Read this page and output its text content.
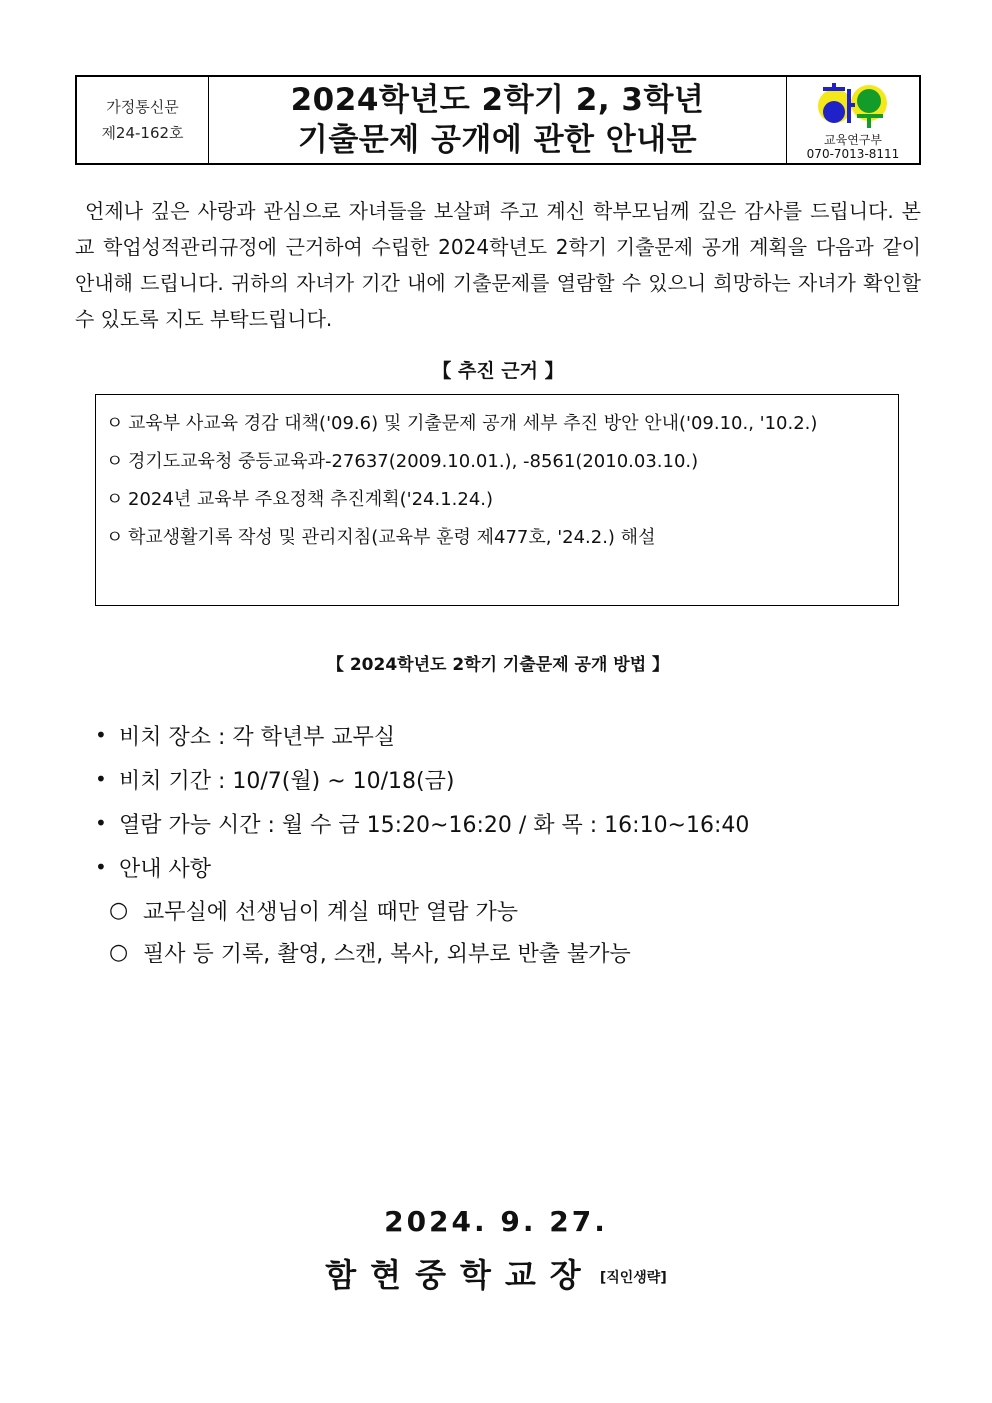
가정통신문
제24-162호
2024학년도 2학기 2, 3학년
기출문제 공개에 관한 안내문	교육연구부
070-7013-8111

언제나 깊은 사랑과 관심으로 자녀들을 보살펴 주고 계신 학부모님께 깊은 감사를 드립니다. 본교 학업성적관리규정에 근거하여 수립한 2024학년도 2학기 기출문제 공개 계획을 다음과 같이 안내해 드립니다. 귀하의 자녀가 기간 내에 기출문제를 열람할 수 있으니 희망하는 자녀가 확인할 수 있도록 지도 부탁드립니다.

【 추진 근거 】
ㅇ 교육부 사교육 경감 대책('09.6) 및 기출문제 공개 세부 추진 방안 안내('09.10., '10.2.)
ㅇ 경기도교육청 중등교육과-27637(2009.10.01.), -8561(2010.03.10.)
ㅇ 2024년 교육부 주요정책 추진계획('24.1.24.)
ㅇ 학교생활기록 작성 및 관리지침(교육부 훈령 제477호, '24.2.) 해설
【 2024학년도 2학기 기출문제 공개 방법 】
• 비치 장소 : 각 학년부 교무실
• 비치 기간 : 10/7(월) ~ 10/18(금)
• 열람 가능 시간 : 월 수 금 15:20~16:20 / 화 목 : 16:10~16:40
• 안내 사항
○ 교무실에 선생님이 계실 때만 열람 가능
○ 필사 등 기록, 촬영, 스캔, 복사, 외부로 반출 불가능
2024. 9. 27.
함현중학교장 [직인생략]
